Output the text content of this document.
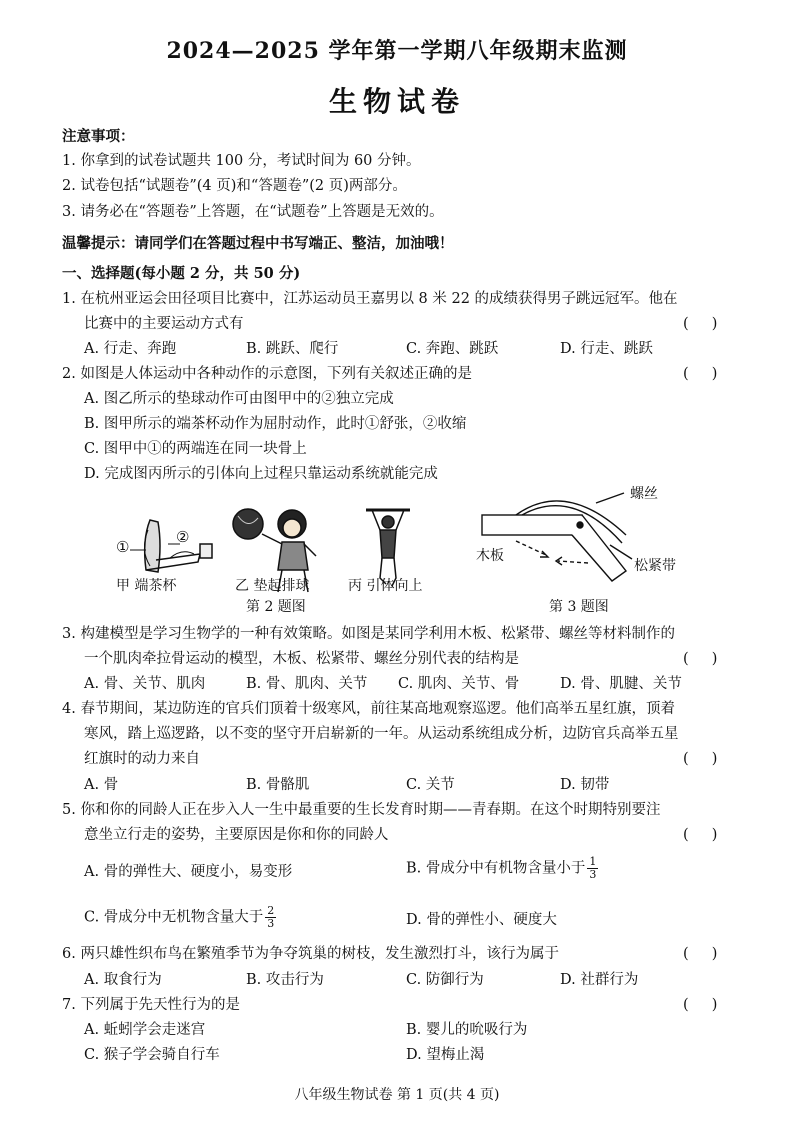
2024—2025 学年第一学期八年级期末监测
生物试卷
注意事项：
1. 你拿到的试卷试题共 100 分，考试时间为 60 分钟。
2. 试卷包括“试题卷”(4 页)和“答题卷”(2 页)两部分。
3. 请务必在“答题卷”上答题，在“试题卷”上答题是无效的。
温馨提示：请同学们在答题过程中书写端正、整洁，加油哦！
一、选择题(每小题 2 分，共 50 分)
1. 在杭州亚运会田径项目比赛中，江苏运动员王嘉男以 8 米 22 的成绩获得男子跳远冠军。他在
比赛中的主要运动方式有	(     )
A. 行走、奔跑	B. 跳跃、爬行	C. 奔跑、跳跃	D. 行走、跳跃
2. 如图是人体运动中各种动作的示意图，下列有关叙述正确的是	(     )
A. 图乙所示的垫球动作可由图甲中的②独立完成
B. 图甲所示的端茶杯动作为屈肘动作，此时①舒张，②收缩
C. 图甲中①的两端连在同一块骨上
D. 完成图丙所示的引体向上过程只靠运动系统就能完成
①
②
甲 端茶杯	乙 垫起排球	丙 引体向上
第 2 题图
螺丝
木板
松紧带
第 3 题图
3. 构建模型是学习生物学的一种有效策略。如图是某同学利用木板、松紧带、螺丝等材料制作的
一个肌肉牵拉骨运动的模型，木板、松紧带、螺丝分别代表的结构是	(     )
A. 骨、关节、肌肉	B. 骨、肌肉、关节 C. 肌肉、关节、骨	D. 骨、肌腱、关节
4. 春节期间，某边防连的官兵们顶着十级寒风，前往某高地观察巡逻。他们高举五星红旗，顶着
寒风，踏上巡逻路，以不变的坚守开启崭新的一年。从运动系统组成分析，边防官兵高举五星
红旗时的动力来自	(     )
A. 骨	B. 骨骼肌	C. 关节	D. 韧带
5. 你和你的同龄人正在步入人一生中最重要的生长发育时期——青春期。在这个时期特别要注
意坐立行走的姿势，主要原因是你和你的同龄人	(     )
A. 骨的弹性大、硬度小，易变形	B. 骨成分中有机物含量小于 $\frac{1}{3}$
C. 骨成分中无机物含量大于 $\frac{2}{3}$	D. 骨的弹性小、硬度大
6. 两只雄性织布鸟在繁殖季节为争夺筑巢的树枝，发生激烈打斗，该行为属于	(     )
A. 取食行为	B. 攻击行为	C. 防御行为	D. 社群行为
7. 下列属于先天性行为的是	(     )
A. 蚯蚓学会走迷宫	B. 婴儿的吮吸行为
C. 猴子学会骑自行车	D. 望梅止渴
八年级生物试卷 第 1 页(共 4 页)
